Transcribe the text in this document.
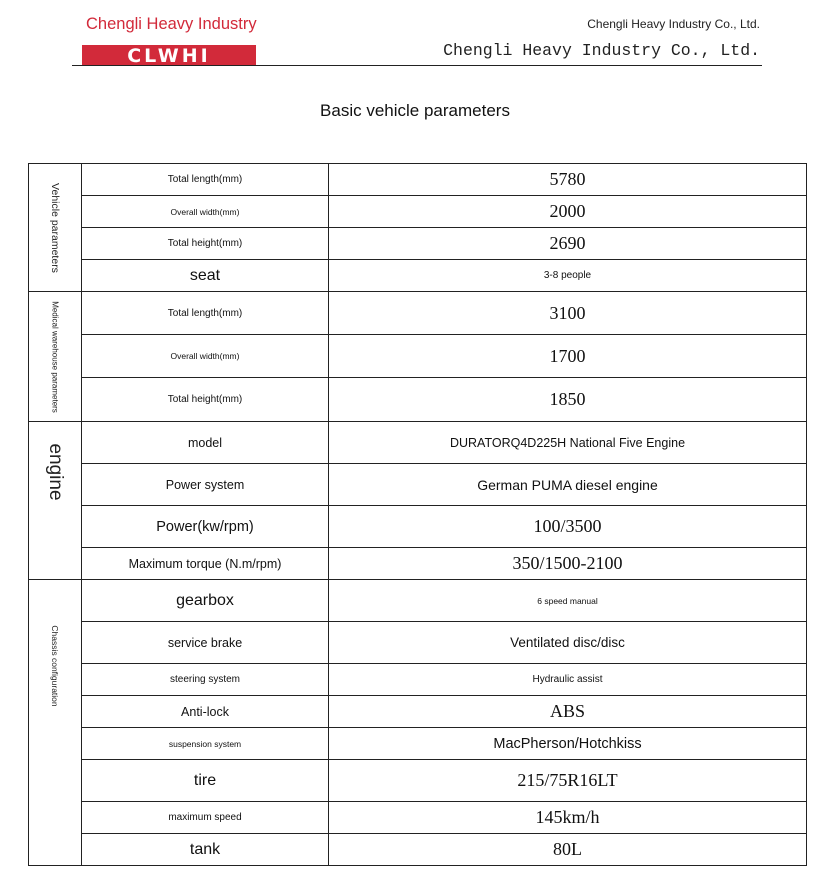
Chengli Heavy Industry
CLWHI
Chengli Heavy Industry Co., Ltd.
Chengli Heavy Industry Co., Ltd.
Basic vehicle parameters
Vehicle parameters	Total length(mm)	5780
	Overall width(mm)	2000
	Total height(mm)	2690
	seat	3-8 people

Medical warehouse parameters	Total length(mm)	3100
	Overall width(mm)	1700
	Total height(mm)	1850

engine	model	DURATORQ4D225H National Five Engine
	Power system	German PUMA diesel engine
	Power(kw/rpm)	100/3500
	Maximum torque (N.m/rpm)	350/1500-2100

Chassis configuration	gearbox	6 speed manual
	service brake	Ventilated disc/disc
	steering system	Hydraulic assist
	Anti-lock	ABS
	suspension system	MacPherson/Hotchkiss
	tire	215/75R16LT
	maximum speed	145km/h
	tank	80L
